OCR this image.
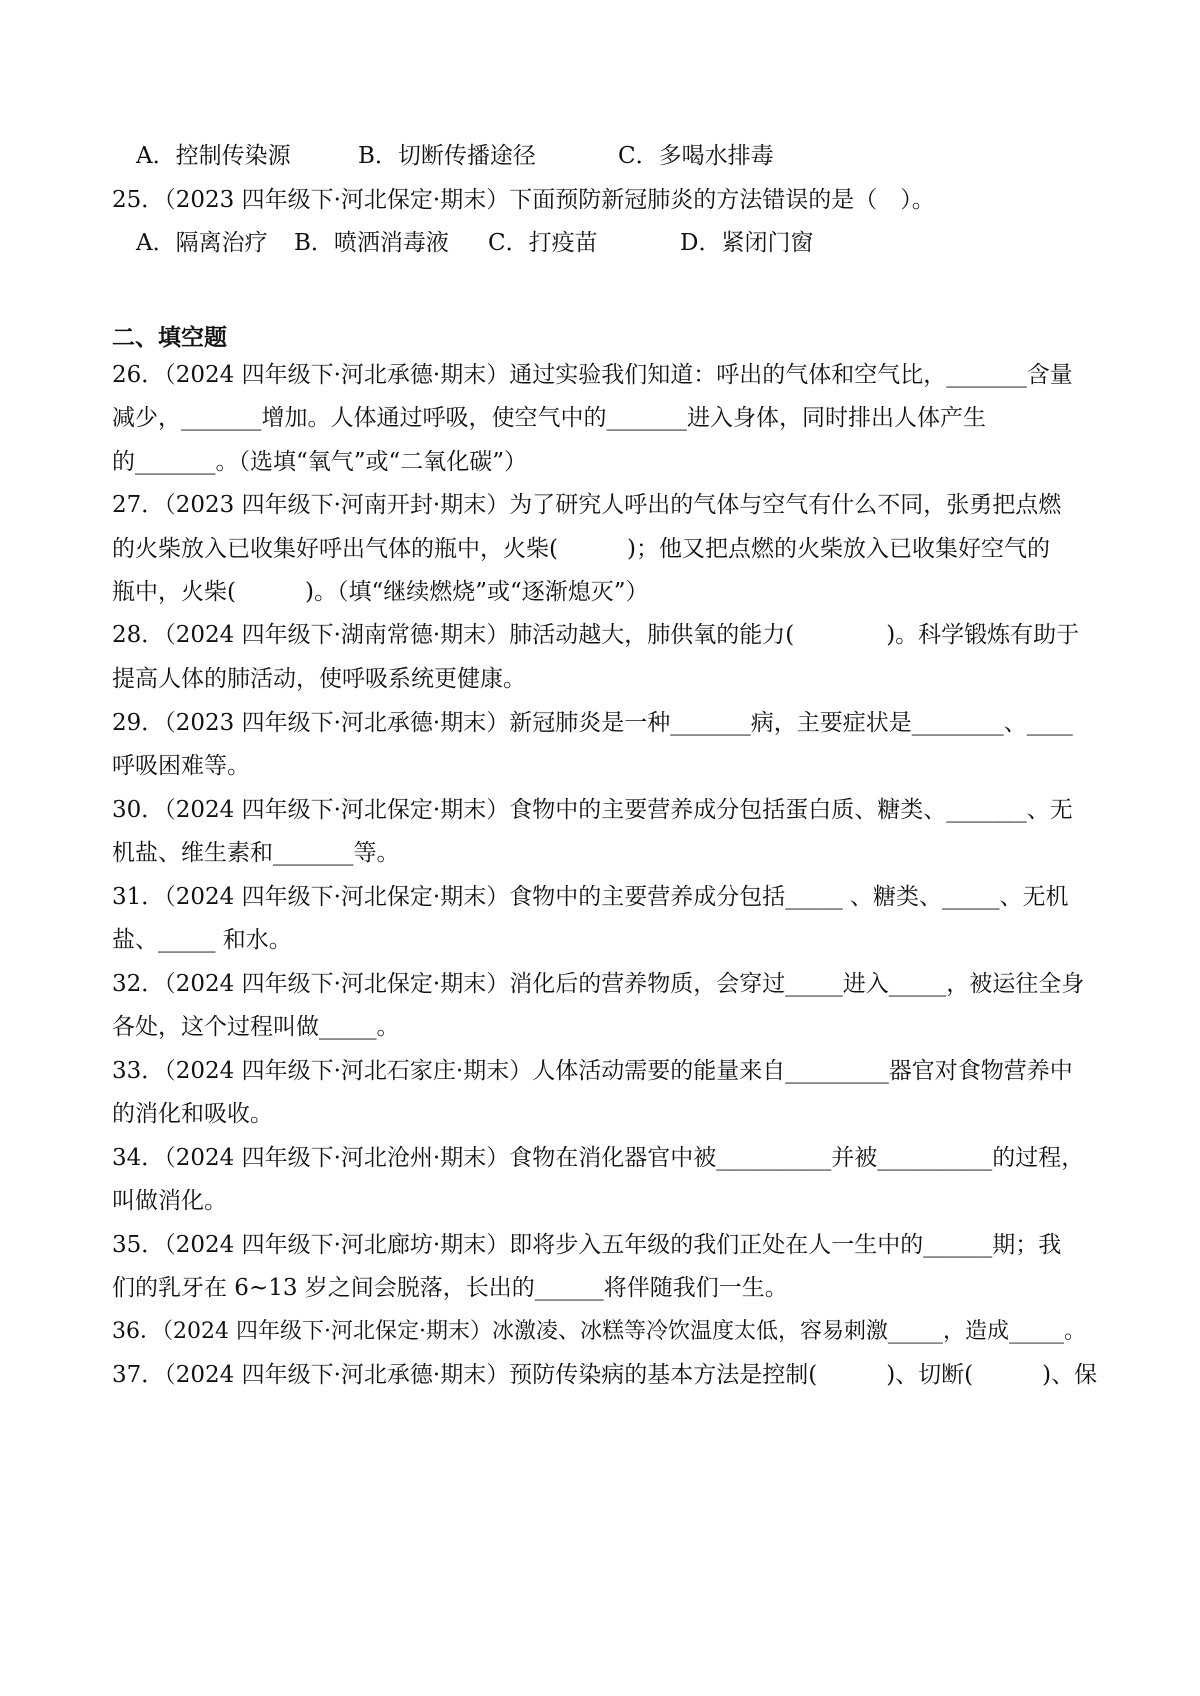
A．控制传染源	B．切断传播途径	C．多喝水排毒
25．（2023 四年级下·河北保定·期末）下面预防新冠肺炎的方法错误的是（　）。
A．隔离治疗 B．喷洒消毒液 C．打疫苗	D．紧闭门窗
二、填空题
26．（2024 四年级下·河北承德·期末）通过实验我们知道：呼出的气体和空气比，_______含量
减少，_______增加。人体通过呼吸，使空气中的_______进入身体，同时排出人体产生
的_______。（选填“氧气”或“二氧化碳”）
27．（2023 四年级下·河南开封·期末）为了研究人呼出的气体与空气有什么不同，张勇把点燃
的火柴放入已收集好呼出气体的瓶中，火柴(　　　)；他又把点燃的火柴放入已收集好空气的
瓶中，火柴(　　　)。（填“继续燃烧”或“逐渐熄灭”）
28．（2024 四年级下·湖南常德·期末）肺活动越大，肺供氧的能力(　　　　)。科学锻炼有助于
提高人体的肺活动，使呼吸系统更健康。
29．（2023 四年级下·河北承德·期末）新冠肺炎是一种_______病，主要症状是________、____
呼吸困难等。
30．（2024 四年级下·河北保定·期末）食物中的主要营养成分包括蛋白质、糖类、_______、无
机盐、维生素和_______等。
31．（2024 四年级下·河北保定·期末）食物中的主要营养成分包括_____ 、糖类、_____、无机
盐、_____ 和水。
32．（2024 四年级下·河北保定·期末）消化后的营养物质，会穿过_____进入_____，被运往全身
各处，这个过程叫做_____。
33．（2024 四年级下·河北石家庄·期末）人体活动需要的能量来自_________器官对食物营养中
的消化和吸收。
34．（2024 四年级下·河北沧州·期末）食物在消化器官中被__________并被__________的过程，
叫做消化。
35．（2024 四年级下·河北廊坊·期末）即将步入五年级的我们正处在人一生中的______期；我
们的乳牙在 6~13 岁之间会脱落，长出的______将伴随我们一生。
36．（2024 四年级下·河北保定·期末）冰激凌、冰糕等冷饮温度太低，容易刺激_____，造成_____。
37．（2024 四年级下·河北承德·期末）预防传染病的基本方法是控制(　　　)、切断(　　　)、保
